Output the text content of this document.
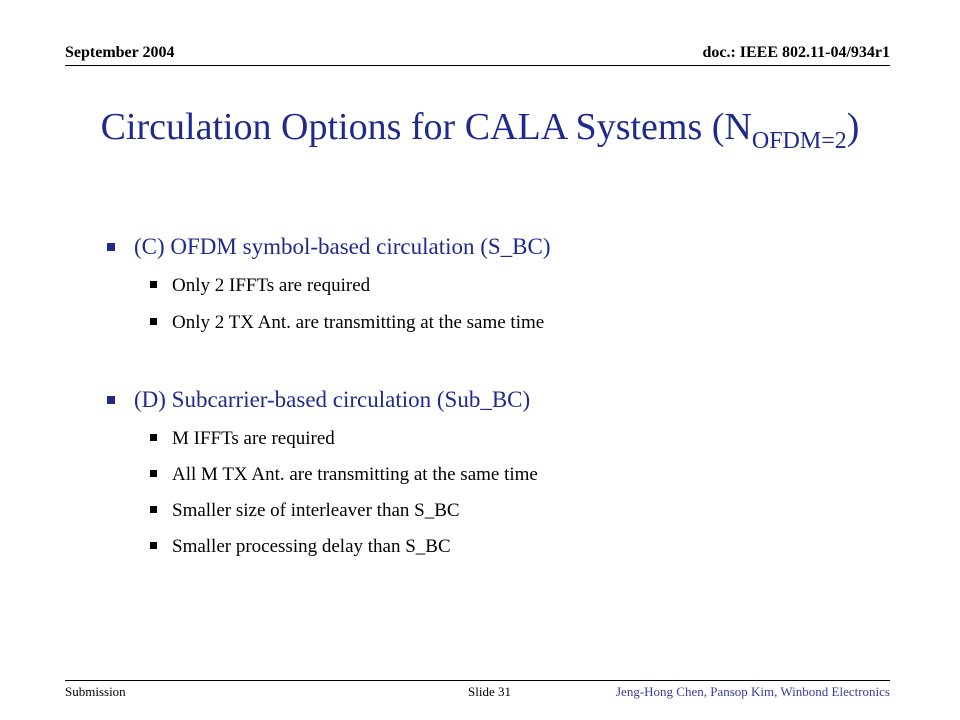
September 2004	doc.: IEEE 802.11-04/934r1
Circulation Options for CALA Systems $(N_{OFDM=2})$
(C) OFDM symbol-based circulation (S_BC)
Only 2 IFFTs are required
Only 2 TX Ant. are transmitting at the same time
(D) Subcarrier-based circulation (Sub_BC)
M IFFTs are required
All M TX Ant. are transmitting at the same time
Smaller size of interleaver than S_BC
Smaller processing delay than S_BC
Submission	Slide 31	Jeng-Hong Chen, Pansop Kim, Winbond Electronics
